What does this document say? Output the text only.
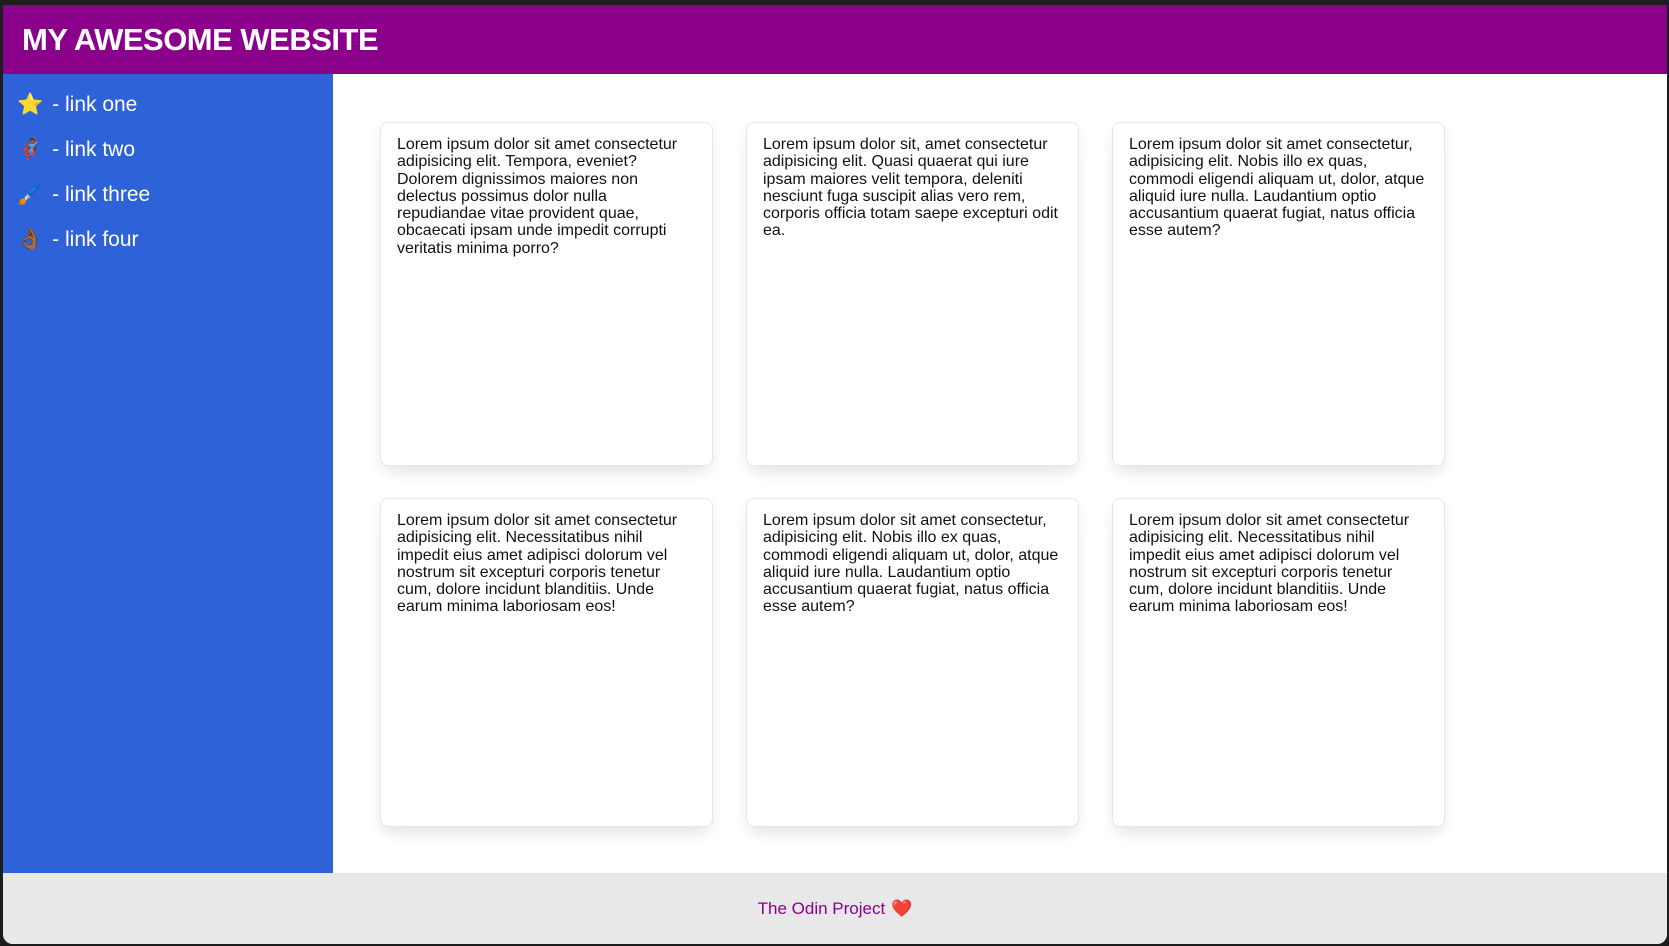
MY AWESOME WEBSITE
⭐ - link one
🦸🏾 - link two
🖌️ - link three
👌🏾 - link four

Lorem ipsum dolor sit amet consectetur adipisicing elit. Tempora, eveniet? Dolorem dignissimos maiores non delectus possimus dolor nulla repudiandae vitae provident quae, obcaecati ipsam unde impedit corrupti veritatis minima porro?

Lorem ipsum dolor sit, amet consectetur adipisicing elit. Quasi quaerat qui iure ipsam maiores velit tempora, deleniti nesciunt fuga suscipit alias vero rem, corporis officia totam saepe excepturi odit ea.

Lorem ipsum dolor sit amet consectetur, adipisicing elit. Nobis illo ex quas, commodi eligendi aliquam ut, dolor, atque aliquid iure nulla. Laudantium optio accusantium quaerat fugiat, natus officia esse autem?

Lorem ipsum dolor sit amet consectetur adipisicing elit. Necessitatibus nihil impedit eius amet adipisci dolorum vel nostrum sit excepturi corporis tenetur cum, dolore incidunt blanditiis. Unde earum minima laboriosam eos!

Lorem ipsum dolor sit amet consectetur, adipisicing elit. Nobis illo ex quas, commodi eligendi aliquam ut, dolor, atque aliquid iure nulla. Laudantium optio accusantium quaerat fugiat, natus officia esse autem?

Lorem ipsum dolor sit amet consectetur adipisicing elit. Necessitatibus nihil impedit eius amet adipisci dolorum vel nostrum sit excepturi corporis tenetur cum, dolore incidunt blanditiis. Unde earum minima laboriosam eos!

The Odin Project ❤️
